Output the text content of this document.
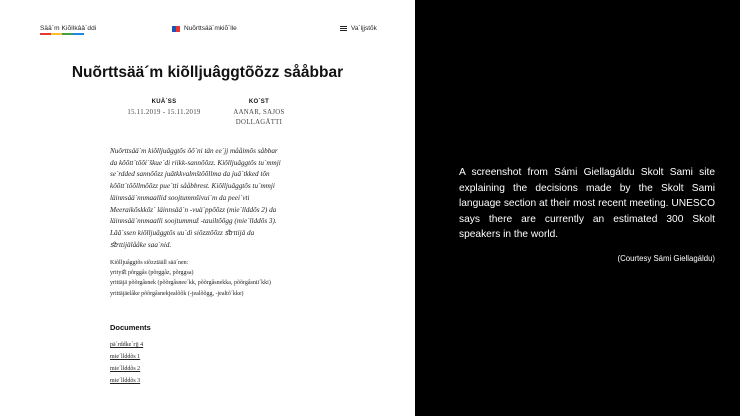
Sää´m Kiõllkââ´ddi	Nuõrttsää´mkiõ´lle	Va´ljjstõk
Nuõrttsää´m kiõlljuâggtõõzz sååbbar
KUÄ´SS
15.11.2019 - 15.11.2019
KO´ST
AANAR, SAJOS
DOLLAGÅTTI
Nuõrttsää´m kiõlljuâggtõs õõ´ni tän ee´jj mååimõs såbbar
da kõõtt´tõõi´škue´di riikk-sannõõzz. Kiõlljuâggtõs tu´mmji
se´rdded sannõõzz juâtkkvalmštõõllma da juâ´tkked tõn
kõõtt´tõõllmõõzz pue´tti sååbbrest. Kiõlljuâggtõs tu´mmji
läinnsää´nnmaallid soojtummšivui´m da peei´vti
Meeraikõskkõz´ läinnsää´n -vuä´ppõõzz (mie´llddõs 2) da
läinnsää´nnmaalli soojtummuž -tauiltõõgg (mie´llddõs 3).
Lââ´ssen kiõlljuâggtõs uu´di siõzztõõzz ﬆrttijä da
ﬆrttijälååke saa´nid.
Kiõlljuâggtõs siõzztää⁠ll sää´nen:
yrityﬆ põrggâs (põrggâz, põrggsa)
yrittäjä põõrgâsnek (põõrgâsnee´kk, põõrgâsnekka, põõrgâsnii´kki)
yrittäjäelåke põõrgâsnekjealõõk (-jealõõgg, -jealtõ´kke)
Documents
pä´rddke´rjj 4
mie´llddõs 1
mie´llddõs 2
mie´llddõs 3
A screenshot from Sámi Giellagáldu Skolt Sami site explaining the decisions made by the Skolt Sami language section at their most recent meeting. UNESCO says there are currently an estimated 300 Skolt speakers in the world.
(Courtesy Sámi Giellagáldu)
